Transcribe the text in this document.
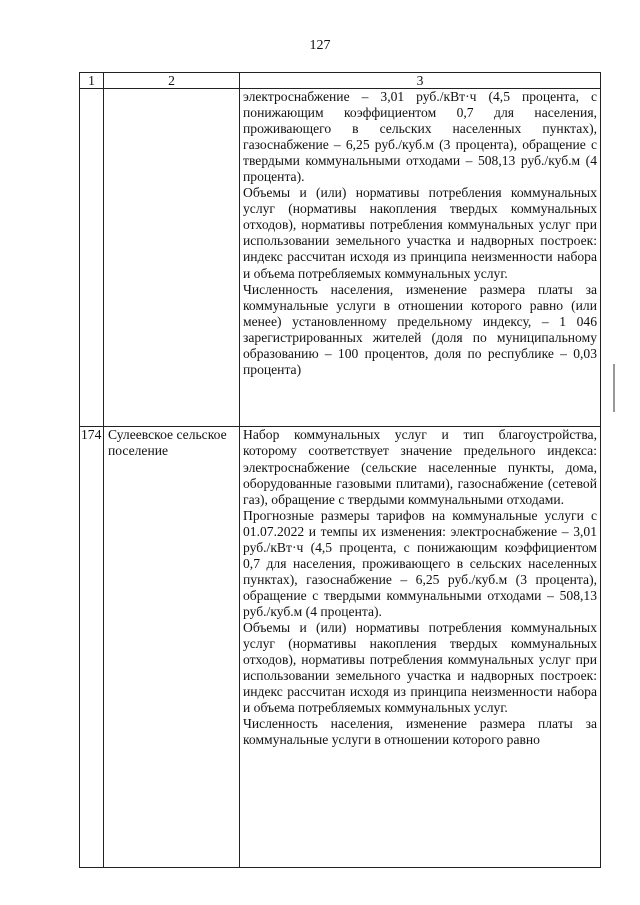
127
1	2	3

		электроснабжение – 3,01 руб./кВт·ч (4,5 процента, с понижающим коэффициентом 0,7 для населения, проживающего в сельских населенных пунктах), газоснабжение – 6,25 руб./куб.м (3 процента), обращение с твердыми коммунальными отходами – 508,13 руб./куб.м (4 процента).

Объемы и (или) нормативы потребления коммунальных услуг (нормативы накопления твердых коммунальных отходов), нормативы потребления коммунальных услуг при использовании земельного участка и надворных построек: индекс рассчитан исходя из принципа неизменности набора и объема потребляемых коммунальных услуг.

Численность населения, изменение размера платы за коммунальные услуги в отношении которого равно (или менее) установленному предельному индексу, – 1 046 зарегистрированных жителей (доля по муниципальному образованию – 100 процентов, доля по республике – 0,03 процента)

174	Сулеевское сельское поселение	Набор коммунальных услуг и тип благоустройства, которому соответствует значение предельного индекса: электроснабжение (сельские населенные пункты, дома, оборудованные газовыми плитами), газоснабжение (сетевой газ), обращение с твердыми коммунальными отходами.

Прогнозные размеры тарифов на коммунальные услуги с 01.07.2022 и темпы их изменения: электроснабжение – 3,01 руб./кВт·ч (4,5 процента, с понижающим коэффициентом 0,7 для населения, проживающего в сельских населенных пунктах), газоснабжение – 6,25 руб./куб.м (3 процента), обращение с твердыми коммунальными отходами – 508,13 руб./куб.м (4 процента).

Объемы и (или) нормативы потребления коммунальных услуг (нормативы накопления твердых коммунальных отходов), нормативы потребления коммунальных услуг при использовании земельного участка и надворных построек: индекс рассчитан исходя из принципа неизменности набора и объема потребляемых коммунальных услуг.

Численность населения, изменение размера платы за коммунальные услуги в отношении которого равно
